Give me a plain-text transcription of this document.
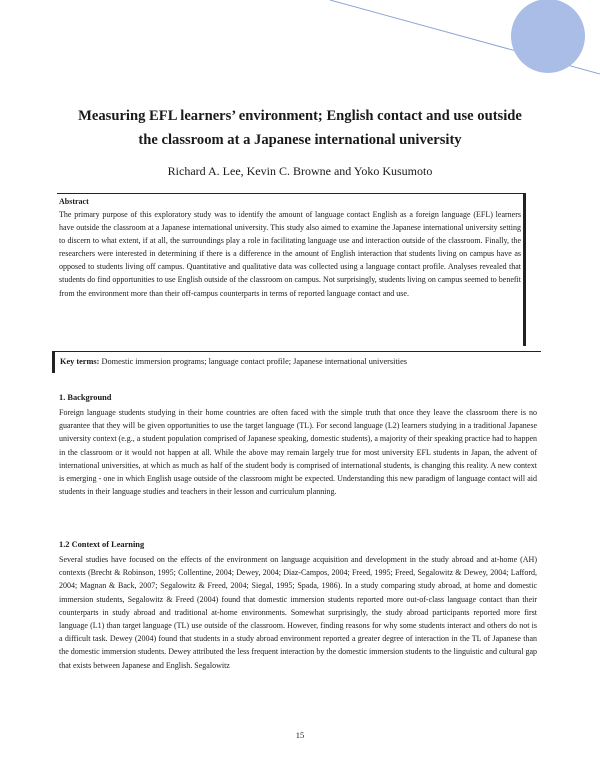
Measuring EFL learners’ environment; English contact and use outside
the classroom at a Japanese international university

Richard A. Lee, Kevin C. Browne and Yoko Kusumoto

Abstract

The primary purpose of this exploratory study was to identify the amount of language contact English as a foreign language (EFL) learners have outside the classroom at a Japanese international university. This study also aimed to examine the Japanese international university setting to discern to what extent, if at all, the surroundings play a role in facilitating language use and interaction outside of the classroom. Finally, the researchers were interested in determining if there is a difference in the amount of English interaction that students living on campus have as opposed to students living off campus. Quantitative and qualitative data was collected using a language contact profile. Analyses revealed that students do find opportunities to use English outside of the classroom on campus. Not surprisingly, students living on campus seemed to benefit from the environment more than their off-campus counterparts in terms of reported language contact and use.

Key terms: Domestic immersion programs; language contact profile; Japanese international universities

1. Background

Foreign language students studying in their home countries are often faced with the simple truth that once they leave the classroom there is no guarantee that they will be given opportunities to use the target language (TL). For second language (L2) learners studying in a traditional Japanese university context (e.g., a student population comprised of Japanese speaking, domestic students), a majority of their speaking practice had to happen in the classroom or it would not happen at all. While the above may remain largely true for most university EFL students in Japan, the advent of international universities, at which as much as half of the student body is comprised of international students, is changing this reality. A new context is emerging - one in which English usage outside of the classroom might be expected. Understanding this new paradigm of language contact will aid students in their language studies and teachers in their lesson and curriculum planning.

1.2 Context of Learning

Several studies have focused on the effects of the environment on language acquisition and development in the study abroad and at-home (AH) contexts (Brecht & Robinson, 1995; Collentine, 2004; Dewey, 2004; Diaz-Campos, 2004; Freed, 1995; Freed, Segalowitz & Dewey, 2004; Lafford, 2004; Magnan & Back, 2007; Segalowitz & Freed, 2004; Siegal, 1995; Spada, 1986). In a study comparing study abroad, at home and domestic immersion students, Segalowitz & Freed (2004) found that domestic immersion students reported more out-of-class language contact than their counterparts in study abroad and traditional at-home environments. Somewhat surprisingly, the study abroad participants reported more first language (L1) than target language (TL) use outside of the classroom. However, finding reasons for why some students interact and others do not is a difficult task. Dewey (2004) found that students in a study abroad environment reported a greater degree of interaction in the TL of Japanese than the domestic immersion students. Dewey attributed the less frequent interaction by the domestic immersion students to the linguistic and cultural gap that exists between Japanese and English. Segalowitz

15
